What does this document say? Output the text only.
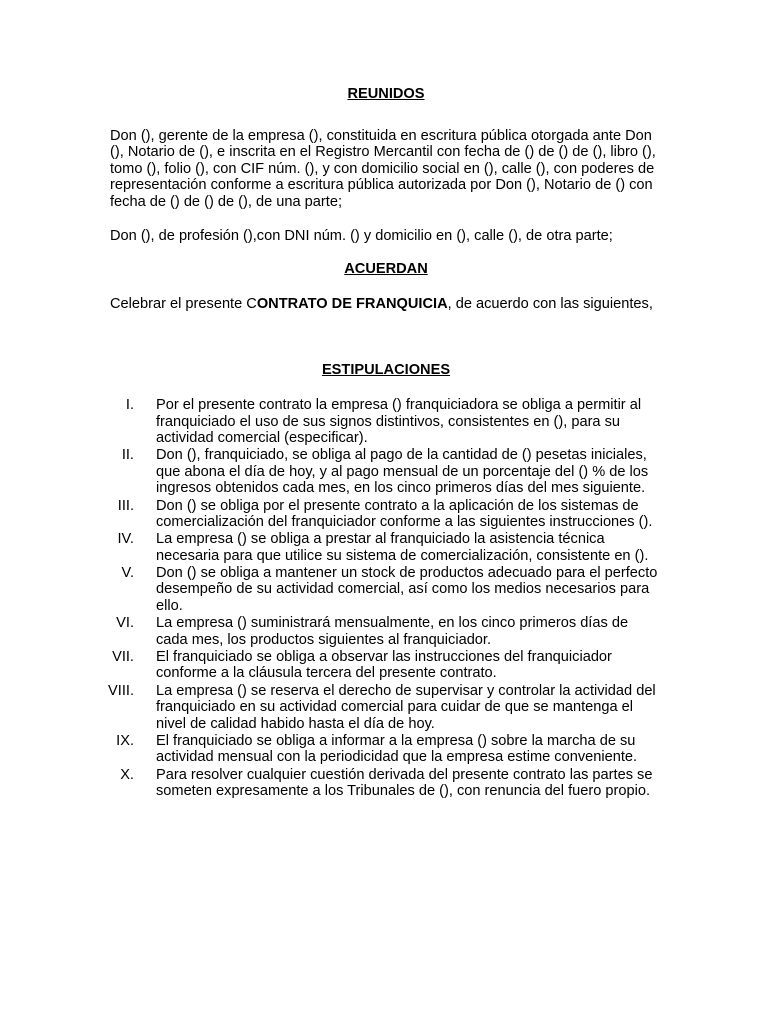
REUNIDOS

Don (), gerente de la empresa (), constituida en escritura pública otorgada ante Don (), Notario de (), e inscrita en el Registro Mercantil con fecha de () de () de (), libro (), tomo (), folio (), con CIF núm. (), y con domicilio social en (), calle (), con poderes de representación conforme a escritura pública autorizada por Don (), Notario de () con fecha de () de () de (), de una parte;

Don (), de profesión (),con DNI núm. () y domicilio en (), calle (), de otra parte;

ACUERDAN

Celebrar el presente CONTRATO DE FRANQUICIA, de acuerdo con las siguientes,

ESTIPULACIONES

I. Por el presente contrato la empresa () franquiciadora se obliga a permitir al franquiciado el uso de sus signos distintivos, consistentes en (), para su actividad comercial (especificar).
II. Don (), franquiciado, se obliga al pago de la cantidad de () pesetas iniciales, que abona el día de hoy, y al pago mensual de un porcentaje del () % de los ingresos obtenidos cada mes, en los cinco primeros días del mes siguiente.
III. Don () se obliga por el presente contrato a la aplicación de los sistemas de comercialización del franquiciador conforme a las siguientes instrucciones ().
IV. La empresa () se obliga a prestar al franquiciado la asistencia técnica necesaria para que utilice su sistema de comercialización, consistente en ().
V. Don () se obliga a mantener un stock de productos adecuado para el perfecto desempeño de su actividad comercial, así como los medios necesarios para ello.
VI. La empresa () suministrará mensualmente, en los cinco primeros días de cada mes, los productos siguientes al franquiciador.
VII. El franquiciado se obliga a observar las instrucciones del franquiciador conforme a la cláusula tercera del presente contrato.
VIII. La empresa () se reserva el derecho de supervisar y controlar la actividad del franquiciado en su actividad comercial para cuidar de que se mantenga el nivel de calidad habido hasta el día de hoy.
IX. El franquiciado se obliga a informar a la empresa () sobre la marcha de su actividad mensual con la periodicidad que la empresa estime conveniente.
X. Para resolver cualquier cuestión derivada del presente contrato las partes se someten expresamente a los Tribunales de (), con renuncia del fuero propio.
